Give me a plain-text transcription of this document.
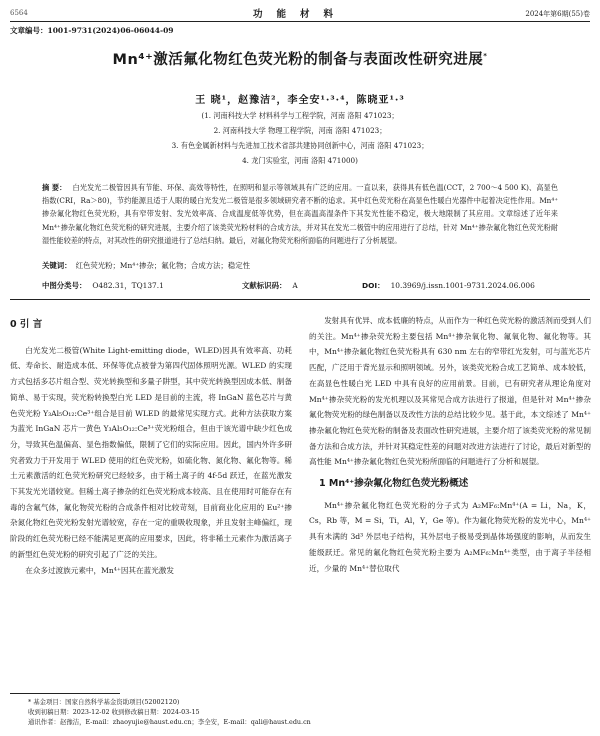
6564	功能材料	2024年第6期(55)卷
文章编号：1001-9731(2024)06-06044-09
Mn⁴⁺激活氟化物红色荧光粉的制备与表面改性研究进展*
王 晓¹，赵豫洁²，李全安¹·³·⁴，陈晓亚¹·³
(1. 河南科技大学 材料科学与工程学院，河南 洛阳 471023；
2. 河南科技大学 物理工程学院，河南 洛阳 471023；
3. 有色金属新材料与先进加工技术省部共建协同创新中心，河南 洛阳 471023；
4. 龙门实验室，河南 洛阳 471000)
摘 要： 白光发光二极管因具有节能、环保、高效等特性，在照明和显示等领域具有广泛的应用。一直以来，获得具有低色温(CCT，2 700～4 500 K)、高显色指数(CRI，Ra＞80)，节约能源且适于人眼的暖白光发光二极管是很多领域研究者不断的追求。其中红色荧光粉在高显色性暖白光器件中起着决定性作用。Mn⁴⁺掺杂氟化物红色荧光粉，具有窄带发射、发光效率高、合成温度低等优势，但在高温高湿条件下其发光性能不稳定，极大地限制了其应用。文章综述了近年来 Mn⁴⁺掺杂氟化物红色荧光粉的研究进展，主要介绍了该类荧光粉材料的合成方法，并对其在发光二极管中的应用进行了总结，针对 Mn⁴⁺掺杂氟化物红色荧光粉耐湿性能较差的特点，对其改性的研究报道进行了总结归纳。最后，对氟化物荧光粉所面临的问题进行了分析展望。
关键词： 红色荧光粉；Mn⁴⁺掺杂；氟化物；合成方法；稳定性
中图分类号： O482.31，TQ137.1	文献标识码： A	DOI： 10.3969/j.issn.1001-9731.2024.06.006
0 引 言

白光发光二极管(White Light-emitting diode，WLED)因具有效率高、功耗低、寿命长、耐造成本低、环保等优点被誉为第四代固体照明光源。WLED 的实现方式包括多芯片组合型、荧光转换型和多量子阱型，其中荧光转换型因成本低、制备简单、易于实现，荧光粉转换型白光 LED 是目前的主流，将 InGaN 蓝色芯片与黄色荧光粉 Y₃Al₅O₁₂:Ce³⁺组合是目前 WLED 的最常见实现方式。此种方法获取方案为蓝光 InGaN 芯片一黄色 Y₃Al₅O₁₂:Ce³⁺荧光粉组合，但由于该光谱中缺少红色成分，导致其色温偏高、显色指数偏低，限制了它们的实际应用。因此，国内外许多研究者致力于开发用于 WLED 使用的红色荧光粉，如硫化物、氮化物、氟化物等。稀土元素激活的红色荧光粉研究已经较多，由于稀土离子的 4f-5d 跃迁，在蓝光激发下其发光光谱较宽。但稀土离子掺杂的红色荧光粉成本较高、且在使用时可能存在有毒的含氟气体，氟化物荧光粉的合成条件相对比较苛刻，目前商业化应用的 Eu²⁺掺杂氮化物红色荧光粉发射光谱较宽，存在一定的重吸收现象，并且发射主峰偏红，现阶段的红色荧光粉已经不能满足更高的应用要求，因此，将非稀土元素作为激活离子的新型红色荧光粉的研究引起了广泛的关注。

在众多过渡族元素中，Mn⁴⁺因其在蓝光激发

发射具有优异、成本低廉的特点，从而作为一种红色荧光粉的激活剂而受到人们的关注。Mn⁴⁺掺杂荧光粉主要包括 Mn⁴⁺掺杂氧化物、氟氧化物、氟化物等。其中，Mn⁴⁺掺杂氟化物红色荧光粉具有 630 nm 左右的窄带红光发射，可与蓝光芯片匹配，广泛用于背光显示和照明领域。另外，该类荧光粉合成工艺简单、成本较低，在高显色性暖白光 LED 中具有良好的应用前景。目前，已有研究者从理论角度对 Mn⁴⁺掺杂荧光粉的发光机理以及其常见合成方法进行了报道，但是针对 Mn⁴⁺掺杂氟化物荧光粉的绿色制备以及改性方法的总结比较少见。基于此，本文综述了 Mn⁴⁺掺杂氟化物红色荧光粉的制备及表面改性研究进展，主要介绍了该类荧光粉的常见制备方法和合成方法，并针对其稳定性差的问题对改进方法进行了讨论，最后对新型的高性能 Mn⁴⁺掺杂氟化物红色荧光粉所面临的问题进行了分析和展望。

1 Mn⁴⁺掺杂氟化物红色荧光粉概述

Mn⁴⁺掺杂氟化物红色荧光粉的分子式为 A₂MF₆:Mn⁴⁺(A = Li，Na，K，Cs，Rb 等，M = Si，Ti，Al，Y，Ge 等)。作为氟化物荧光粉的发光中心，Mn⁴⁺具有未满的 3d³ 外层电子结构，其外层电子极易受到晶体场强度的影响，从而发生能级跃迁。常见的氟化物红色荧光粉主要为 A₂MF₆:Mn⁴⁺类型，由于离子半径相近，少量的 Mn⁴⁺替位取代

* 基金项目：国家自然科学基金资助项目(52002120)
收到初稿日期：2023-12-02 收到修改稿日期：2024-03-15
通讯作者：赵豫洁，E-mail：zhaoyujie@haust.edu.cn；李全安，E-mail：qali@haust.edu.cn
